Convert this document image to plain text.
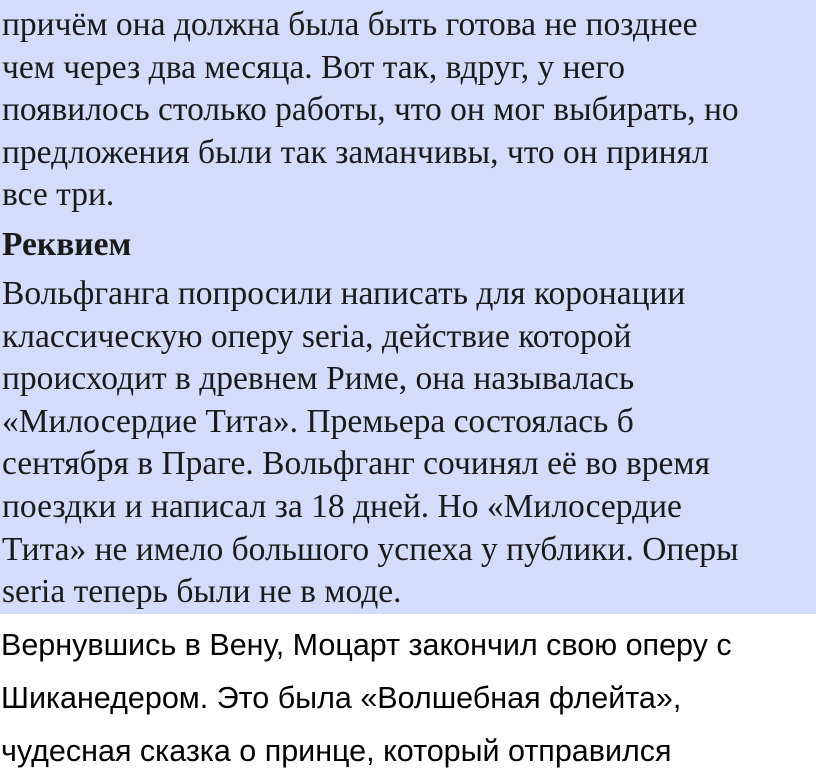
причём она должна была быть готова не позднее
чем через два месяца. Вот так, вдруг, у него
появилось столько работы, что он мог выбирать, но
предложения были так заманчивы, что он принял
все три.

Реквием

Вольфганга попросили написать для коронации
классическую оперу seria, действие которой
происходит в древнем Риме, она называлась
«Милосердие Тита». Премьера состоялась б
сентября в Праге. Вольфганг сочинял её во время
поездки и написал за 18 дней. Но «Милосердие
Тита» не имело большого успеха у публики. Оперы
seria теперь были не в моде.

Вернувшись в Вену, Моцарт закончил свою оперу с
Шиканедером. Это была «Волшебная флейта»,
чудесная сказка о принце, который отправился
